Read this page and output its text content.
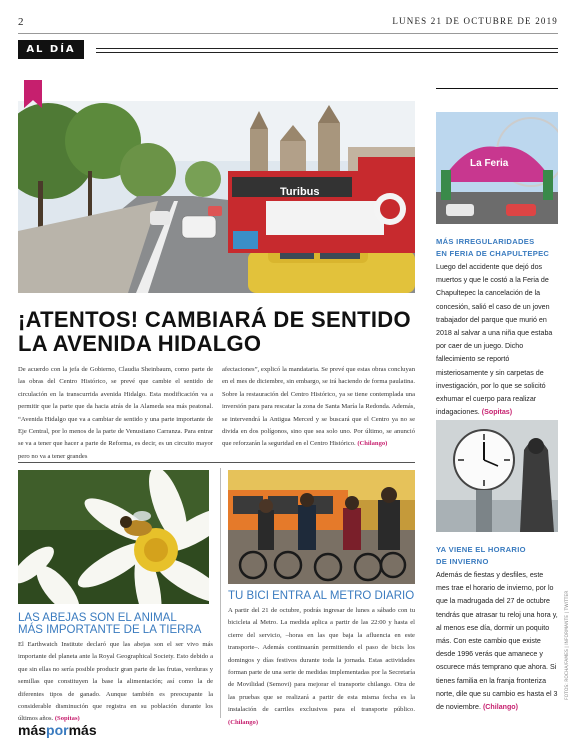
2	LUNES 21 DE OCTUBRE DE 2019
AL DÍA
Turibus
¡ATENTOS! CAMBIARÁ DE SENTIDO
LA AVENIDA HIDALGO
De acuerdo con la jefa de Gobierno, Claudia Sheinbaum, como parte de las obras del Centro Histórico, se prevé que cambie el sentido de circulación en la transcurrida avenida Hidalgo. Esta modificación va a permitir que la parte que da hacia atrás de la Alameda sea más peatonal. “Avenida Hidalgo que va a cambiar de sentido y una parte importante de Eje Central, por lo menos de la parte de Venustiano Carranza. Para entrar se va a tener que hacer a parte de Reforma, es decir, es un circuito mayor pero no va a tener grandes
afectaciones”, explicó la mandataria. Se prevé que estas obras concluyan en el mes de diciembre, sin embargo, se irá haciendo de forma paulatina. Sobre la restauración del Centro Histórico, ya se tiene contemplada una inversión para para rescatar la zona de Santa María la Redonda. Además, se intervendrá la Antigua Merced y se buscará que el Centro ya no se divida en dos polígonos, sino que sea solo uno. Por último, se anunció que reforzarán la seguridad en el Centro Histórico. (Chilango)
LAS ABEJAS SON EL ANIMAL
MÁS IMPORTANTE DE LA TIERRA
El Earthwatch Institute declaró que las abejas son el ser vivo más importante del planeta ante la Royal Geographical Society. Esto debido a que sin ellas no sería posible producir gran parte de las frutas, verduras y semillas que constituyen la base la alimentación; así como la de diferentes tipos de ganado. Aunque también es preocupante la considerable disminución que registra en su población durante los últimos años. (Sopitas)
TU BICI ENTRA AL METRO DIARIO
A partir del 21 de octubre, podrás ingresar de lunes a sábado con tu bicicleta al Metro. La medida aplica a partir de las 22:00 y hasta el cierre del servicio, –horas en las que baja la afluencia en este transporte–. Además continuarán permitiendo el paso de bicis los domingos y días festivos durante toda la jornada. Estas actividades forman parte de una serie de medidas implementadas por la Secretaría de Movilidad (Semovi) para mejorar el transporte chilango. Otra de las pruebas que se realizará a partir de esta misma fecha es la instalación de carriles exclusivos para el transporte público. (Chilango)
La Feria
MÁS IRREGULARIDADES
EN FERIA DE CHAPULTEPEC
Luego del accidente que dejó dos muertos y que le costó a la Feria de Chapultepec la cancelación de la concesión, salió el caso de un joven trabajador del parque que murió en 2018 al salvar a una niña que estaba por caer de un juego. Dicho fallecimiento se reportó misteriosamente y sin carpetas de investigación, por lo que se solicitó exhumar el cuerpo para realizar indagaciones. (Sopitas)
YA VIENE EL HORARIO
DE INVIERNO
Además de fiestas y desfiles, este mes trae el horario de invierno, por lo que la madrugada del 27 de octubre tendrás que atrasar tu reloj una hora y, al menos ese día, dormir un poquito más. Con este cambio que existe desde 1996 verás que amanece y oscurece más temprano que ahora. Si tienes familia en la franja fronteriza norte, dile que su cambio es hasta el 3 de noviembre. (Chilango)
FOTOS: ROCHA/FAMES | INFORMANTE | TWITTER
máspormás
